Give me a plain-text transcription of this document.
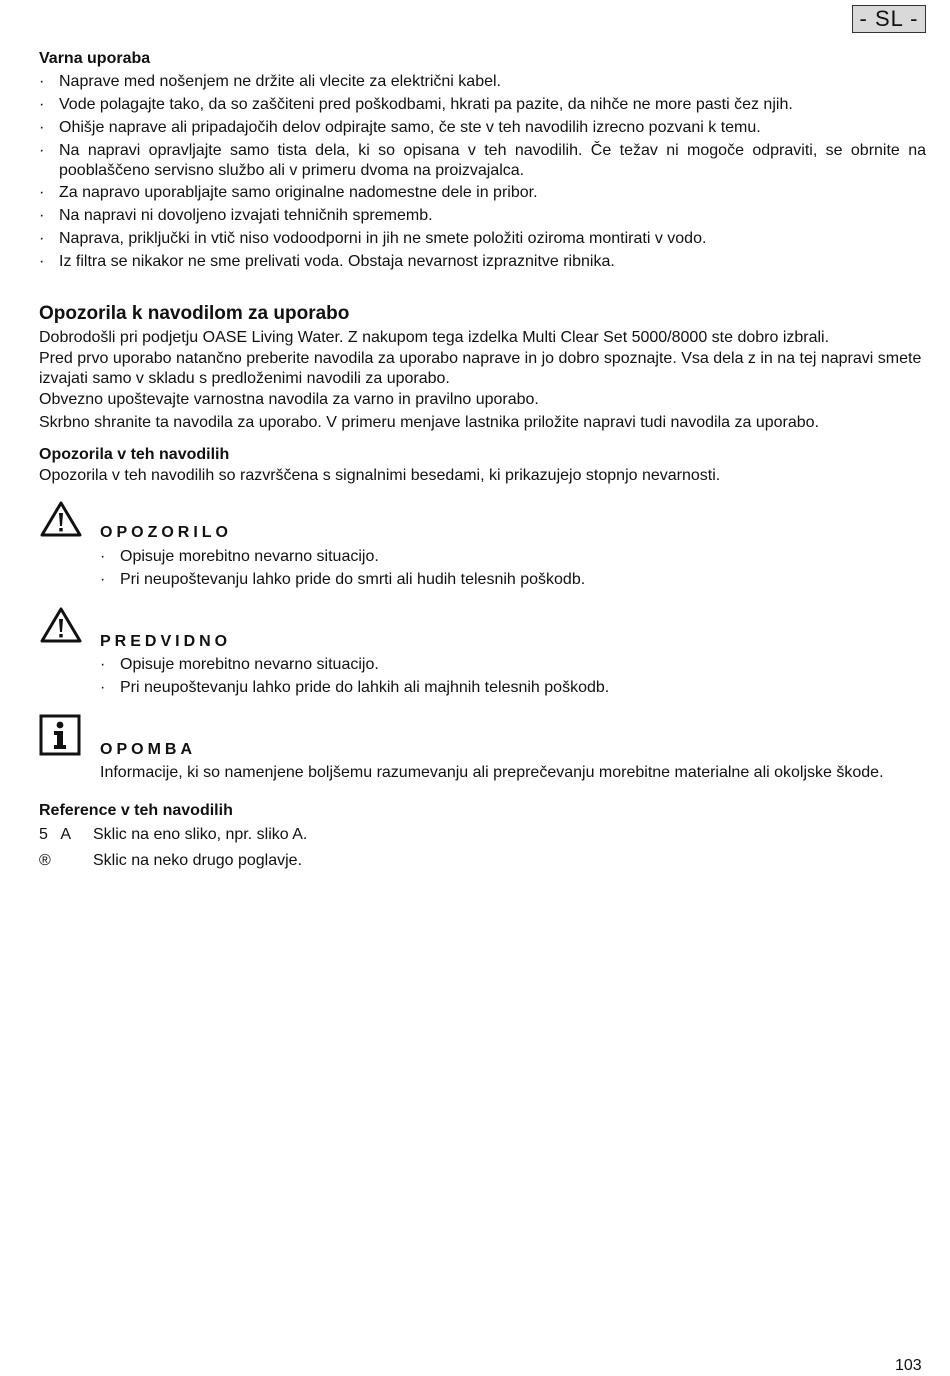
- SL -
Varna uporaba
· Naprave med nošenjem ne držite ali vlecite za električni kabel.
· Vode polagajte tako, da so zaščiteni pred poškodbami, hkrati pa pazite, da nihče ne more pasti čez njih.
· Ohišje naprave ali pripadajočih delov odpirajte samo, če ste v teh navodilih izrecno pozvani k temu.
· Na napravi opravljajte samo tista dela, ki so opisana v teh navodilih. Če težav ni mogoče odpraviti, se obrnite na pooblaščeno servisno službo ali v primeru dvoma na proizvajalca.
· Za napravo uporabljajte samo originalne nadomestne dele in pribor.
· Na napravi ni dovoljeno izvajati tehničnih sprememb.
· Naprava, priključki in vtič niso vodoodporni in jih ne smete položiti oziroma montirati v vodo.
· Iz filtra se nikakor ne sme prelivati voda. Obstaja nevarnost izpraznitve ribnika.
Opozorila k navodilom za uporabo
Dobrodošli pri podjetju OASE Living Water. Z nakupom tega izdelka Multi Clear Set 5000/8000 ste dobro izbrali.
Pred prvo uporabo natančno preberite navodila za uporabo naprave in jo dobro spoznajte. Vsa dela z in na tej napravi smete izvajati samo v skladu s predloženimi navodili za uporabo.
Obvezno upoštevajte varnostna navodila za varno in pravilno uporabo.
Skrbno shranite ta navodila za uporabo. V primeru menjave lastnika priložite napravi tudi navodila za uporabo.
Opozorila v teh navodilih
Opozorila v teh navodilih so razvrščena s signalnimi besedami, ki prikazujejo stopnjo nevarnosti.
OPOZORILO
· Opisuje morebitno nevarno situacijo.
· Pri neupoštevanju lahko pride do smrti ali hudih telesnih poškodb.
PREDVIDNO
· Opisuje morebitno nevarno situacijo.
· Pri neupoštevanju lahko pride do lahkih ali majhnih telesnih poškodb.
OPOMBA
Informacije, ki so namenjene boljšemu razumevanju ali preprečevanju morebitne materialne ali okoljske škode.
Reference v teh navodilih
5   A Sklic na eno sliko, npr. sliko A.
®	Sklic na neko drugo poglavje.
103
